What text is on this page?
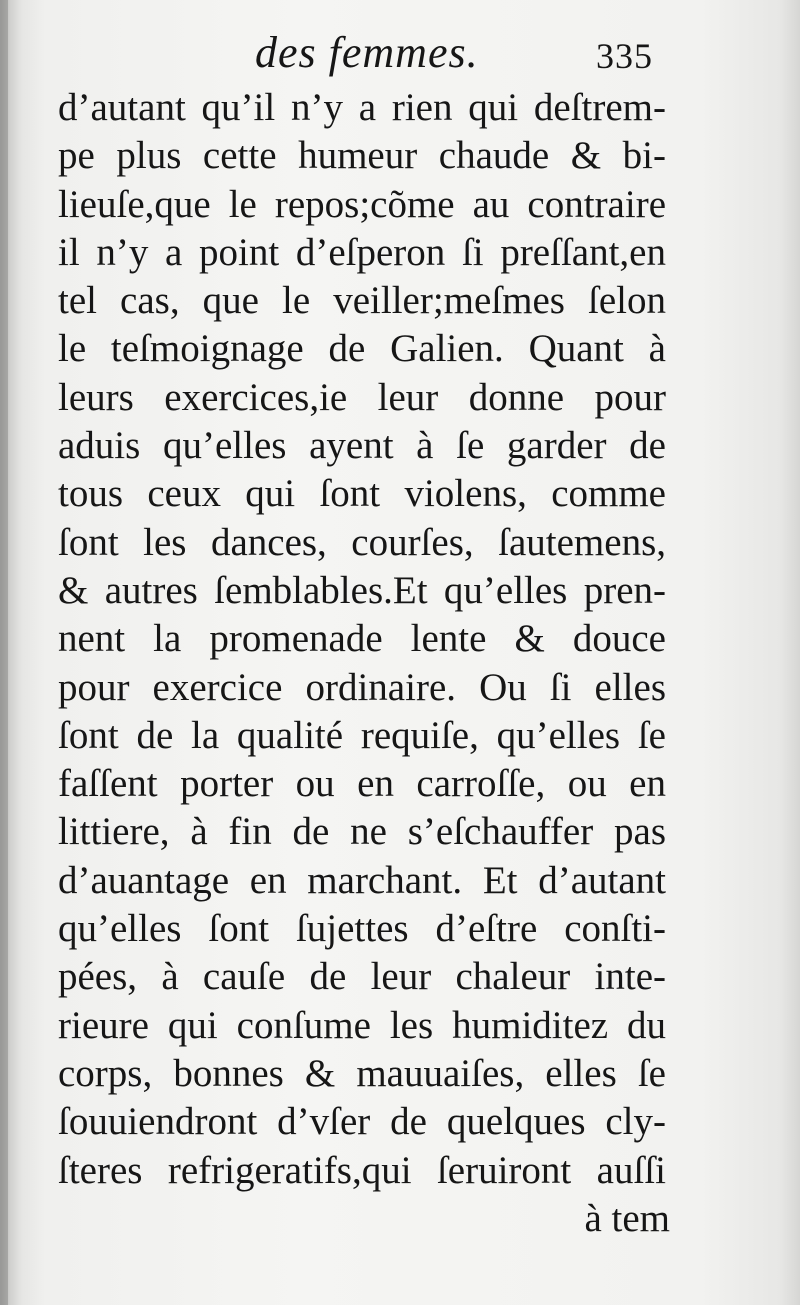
des femmes.	335
d’autant qu’il n’y a rien qui deſtrem-
pe plus cette humeur chaude & bi-
lieuſe,que le repos;cõme au contraire
il n’y a point d’eſperon ſi preſſant,en
tel cas, que le veiller;meſmes ſelon
le teſmoignage de Galien. Quant à
leurs exercices,ie leur donne pour
aduis qu’elles ayent à ſe garder de
tous ceux qui ſont violens, comme
ſont les dances, courſes, ſautemens,
& autres ſemblables.Et qu’elles pren-
nent la promenade lente & douce
pour exercice ordinaire. Ou ſi elles
ſont de la qualité requiſe, qu’elles ſe
faſſent porter ou en carroſſe, ou en
littiere, à fin de ne s’eſchauffer pas
d’auantage en marchant. Et d’autant
qu’elles ſont ſujettes d’eſtre conſti-
pées, à cauſe de leur chaleur inte-
rieure qui conſume les humiditez du
corps, bonnes & mauuaiſes, elles ſe
ſouuiendront d’vſer de quelques cly-
ſteres refrigeratifs,qui ſeruiront auſſi
à tem
